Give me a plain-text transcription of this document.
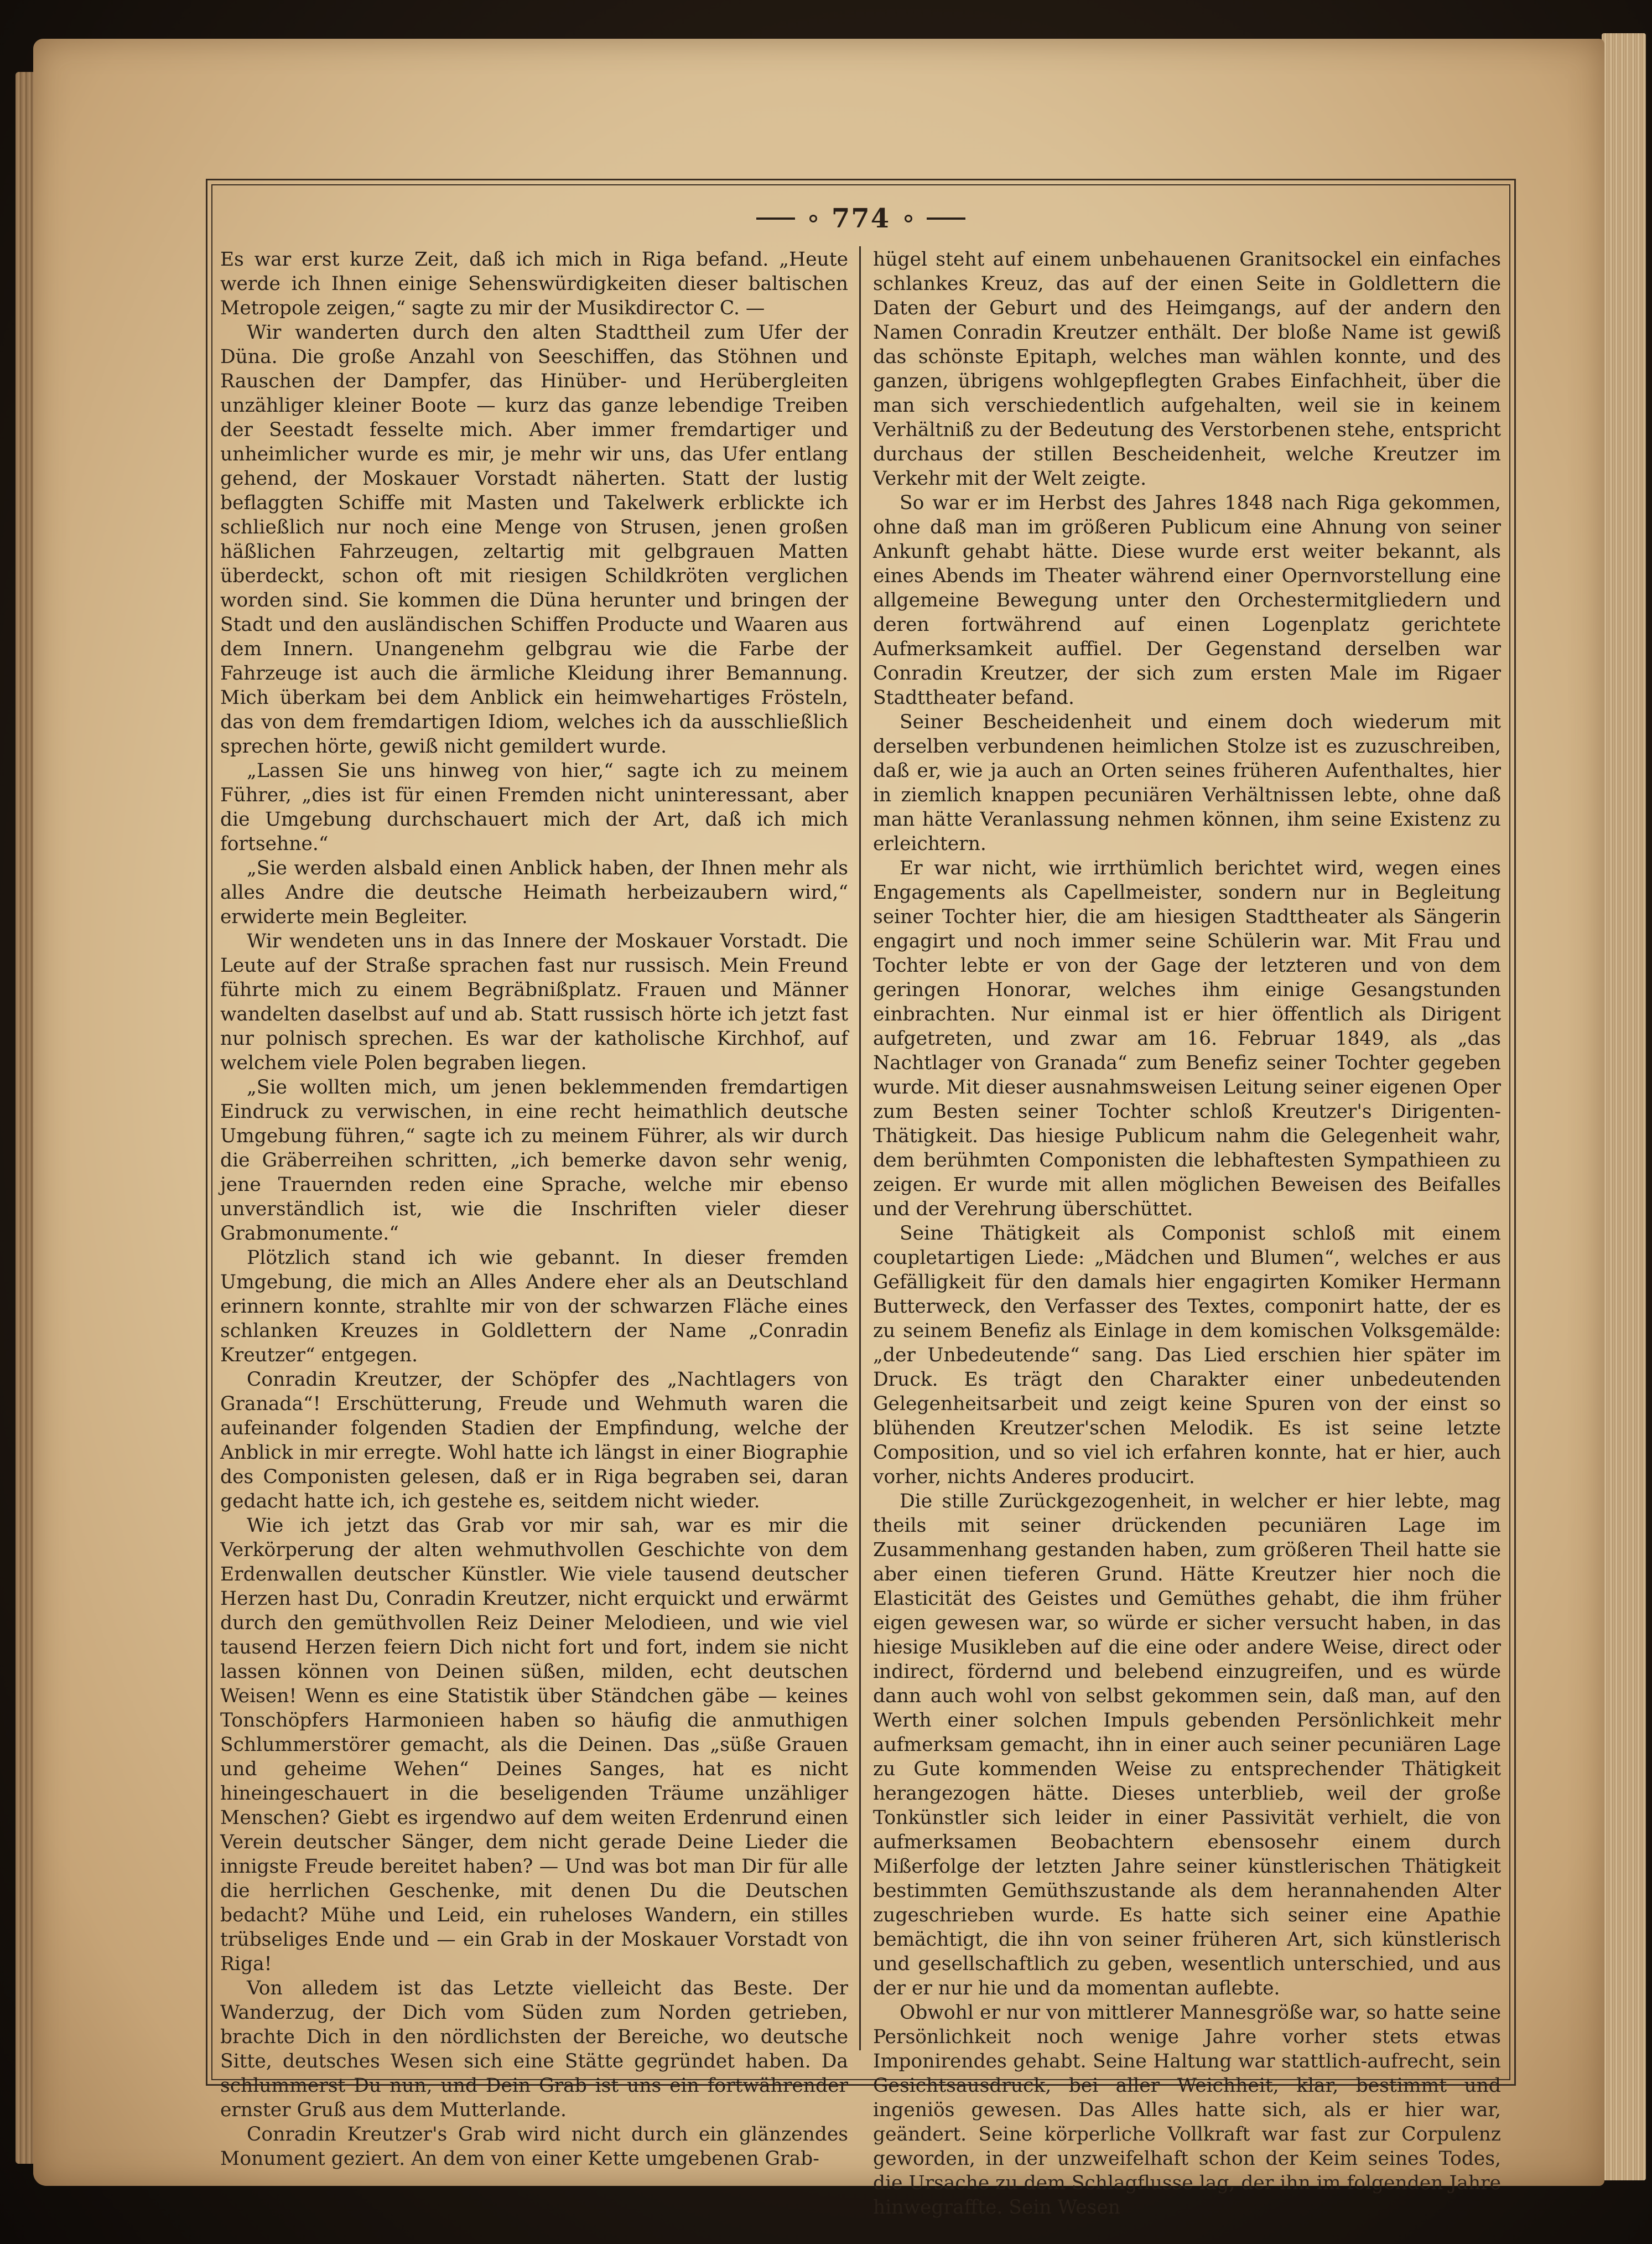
774

Es war erst kurze Zeit, daß ich mich in Riga befand. „Heute werde ich Ihnen einige Sehenswürdigkeiten dieser baltischen Metropole zeigen,“ sagte zu mir der Musikdirector C. —

Wir wanderten durch den alten Stadttheil zum Ufer der Düna. Die große Anzahl von Seeschiffen, das Stöhnen und Rauschen der Dampfer, das Hinüber- und Herübergleiten unzähliger kleiner Boote — kurz das ganze lebendige Treiben der Seestadt fesselte mich. Aber immer fremdartiger und unheimlicher wurde es mir, je mehr wir uns, das Ufer entlang gehend, der Moskauer Vorstadt näherten. Statt der lustig beflaggten Schiffe mit Masten und Takelwerk erblickte ich schließlich nur noch eine Menge von Strusen, jenen großen häßlichen Fahrzeugen, zeltartig mit gelbgrauen Matten überdeckt, schon oft mit riesigen Schildkröten verglichen worden sind. Sie kommen die Düna herunter und bringen der Stadt und den ausländischen Schiffen Producte und Waaren aus dem Innern. Unangenehm gelbgrau wie die Farbe der Fahrzeuge ist auch die ärmliche Kleidung ihrer Bemannung. Mich überkam bei dem Anblick ein heimwehartiges Frösteln, das von dem fremdartigen Idiom, welches ich da ausschließlich sprechen hörte, gewiß nicht gemildert wurde.

„Lassen Sie uns hinweg von hier,“ sagte ich zu meinem Führer, „dies ist für einen Fremden nicht uninteressant, aber die Umgebung durchschauert mich der Art, daß ich mich fortsehne.“

„Sie werden alsbald einen Anblick haben, der Ihnen mehr als alles Andre die deutsche Heimath herbeizaubern wird,“ erwiderte mein Begleiter.

Wir wendeten uns in das Innere der Moskauer Vorstadt. Die Leute auf der Straße sprachen fast nur russisch. Mein Freund führte mich zu einem Begräbnißplatz. Frauen und Männer wandelten daselbst auf und ab. Statt russisch hörte ich jetzt fast nur polnisch sprechen. Es war der katholische Kirchhof, auf welchem viele Polen begraben liegen.

„Sie wollten mich, um jenen beklemmenden fremdartigen Eindruck zu verwischen, in eine recht heimathlich deutsche Umgebung führen,“ sagte ich zu meinem Führer, als wir durch die Gräberreihen schritten, „ich bemerke davon sehr wenig, jene Trauernden reden eine Sprache, welche mir ebenso unverständlich ist, wie die Inschriften vieler dieser Grabmonumente.“

Plötzlich stand ich wie gebannt. In dieser fremden Umgebung, die mich an Alles Andere eher als an Deutschland erinnern konnte, strahlte mir von der schwarzen Fläche eines schlanken Kreuzes in Goldlettern der Name „Conradin Kreutzer“ entgegen.

Conradin Kreutzer, der Schöpfer des „Nachtlagers von Granada“! Erschütterung, Freude und Wehmuth waren die aufeinander folgenden Stadien der Empfindung, welche der Anblick in mir erregte. Wohl hatte ich längst in einer Biographie des Componisten gelesen, daß er in Riga begraben sei, daran gedacht hatte ich, ich gestehe es, seitdem nicht wieder.

Wie ich jetzt das Grab vor mir sah, war es mir die Verkörperung der alten wehmuthvollen Geschichte von dem Erdenwallen deutscher Künstler. Wie viele tausend deutscher Herzen hast Du, Conradin Kreutzer, nicht erquickt und erwärmt durch den gemüthvollen Reiz Deiner Melodieen, und wie viel tausend Herzen feiern Dich nicht fort und fort, indem sie nicht lassen können von Deinen süßen, milden, echt deutschen Weisen! Wenn es eine Statistik über Ständchen gäbe — keines Tonschöpfers Harmonieen haben so häufig die anmuthigen Schlummerstörer gemacht, als die Deinen. Das „süße Grauen und geheime Wehen“ Deines Sanges, hat es nicht hineingeschauert in die beseligenden Träume unzähliger Menschen? Giebt es irgendwo auf dem weiten Erdenrund einen Verein deutscher Sänger, dem nicht gerade Deine Lieder die innigste Freude bereitet haben? — Und was bot man Dir für alle die herrlichen Geschenke, mit denen Du die Deutschen bedacht? Mühe und Leid, ein ruheloses Wandern, ein stilles trübseliges Ende und — ein Grab in der Moskauer Vorstadt von Riga!

Von alledem ist das Letzte vielleicht das Beste. Der Wanderzug, der Dich vom Süden zum Norden getrieben, brachte Dich in den nördlichsten der Bereiche, wo deutsche Sitte, deutsches Wesen sich eine Stätte gegründet haben. Da schlummerst Du nun, und Dein Grab ist uns ein fortwährender ernster Gruß aus dem Mutterlande.

Conradin Kreutzer's Grab wird nicht durch ein glänzendes Monument geziert. An dem von einer Kette umgebenen Grab-

hügel steht auf einem unbehauenen Granitsockel ein einfaches schlankes Kreuz, das auf der einen Seite in Goldlettern die Daten der Geburt und des Heimgangs, auf der andern den Namen Conradin Kreutzer enthält. Der bloße Name ist gewiß das schönste Epitaph, welches man wählen konnte, und des ganzen, übrigens wohlgepflegten Grabes Einfachheit, über die man sich verschiedentlich aufgehalten, weil sie in keinem Verhältniß zu der Bedeutung des Verstorbenen stehe, entspricht durchaus der stillen Bescheidenheit, welche Kreutzer im Verkehr mit der Welt zeigte.

So war er im Herbst des Jahres 1848 nach Riga gekommen, ohne daß man im größeren Publicum eine Ahnung von seiner Ankunft gehabt hätte. Diese wurde erst weiter bekannt, als eines Abends im Theater während einer Opernvorstellung eine allgemeine Bewegung unter den Orchestermitgliedern und deren fortwährend auf einen Logenplatz gerichtete Aufmerksamkeit auffiel. Der Gegenstand derselben war Conradin Kreutzer, der sich zum ersten Male im Rigaer Stadttheater befand.

Seiner Bescheidenheit und einem doch wiederum mit derselben verbundenen heimlichen Stolze ist es zuzuschreiben, daß er, wie ja auch an Orten seines früheren Aufenthaltes, hier in ziemlich knappen pecuniären Verhältnissen lebte, ohne daß man hätte Veranlassung nehmen können, ihm seine Existenz zu erleichtern.

Er war nicht, wie irrthümlich berichtet wird, wegen eines Engagements als Capellmeister, sondern nur in Begleitung seiner Tochter hier, die am hiesigen Stadttheater als Sängerin engagirt und noch immer seine Schülerin war. Mit Frau und Tochter lebte er von der Gage der letzteren und von dem geringen Honorar, welches ihm einige Gesangstunden einbrachten. Nur einmal ist er hier öffentlich als Dirigent aufgetreten, und zwar am 16. Februar 1849, als „das Nachtlager von Granada“ zum Benefiz seiner Tochter gegeben wurde. Mit dieser ausnahmsweisen Leitung seiner eigenen Oper zum Besten seiner Tochter schloß Kreutzer's Dirigenten-Thätigkeit. Das hiesige Publicum nahm die Gelegenheit wahr, dem berühmten Componisten die lebhaftesten Sympathieen zu zeigen. Er wurde mit allen möglichen Beweisen des Beifalles und der Verehrung überschüttet.

Seine Thätigkeit als Componist schloß mit einem coupletartigen Liede: „Mädchen und Blumen“, welches er aus Gefälligkeit für den damals hier engagirten Komiker Hermann Butterweck, den Verfasser des Textes, componirt hatte, der es zu seinem Benefiz als Einlage in dem komischen Volksgemälde: „der Unbedeutende“ sang. Das Lied erschien hier später im Druck. Es trägt den Charakter einer unbedeutenden Gelegenheitsarbeit und zeigt keine Spuren von der einst so blühenden Kreutzer'schen Melodik. Es ist seine letzte Composition, und so viel ich erfahren konnte, hat er hier, auch vorher, nichts Anderes producirt.

Die stille Zurückgezogenheit, in welcher er hier lebte, mag theils mit seiner drückenden pecuniären Lage im Zusammenhang gestanden haben, zum größeren Theil hatte sie aber einen tieferen Grund. Hätte Kreutzer hier noch die Elasticität des Geistes und Gemüthes gehabt, die ihm früher eigen gewesen war, so würde er sicher versucht haben, in das hiesige Musikleben auf die eine oder andere Weise, direct oder indirect, fördernd und belebend einzugreifen, und es würde dann auch wohl von selbst gekommen sein, daß man, auf den Werth einer solchen Impuls gebenden Persönlichkeit mehr aufmerksam gemacht, ihn in einer auch seiner pecuniären Lage zu Gute kommenden Weise zu entsprechender Thätigkeit herangezogen hätte. Dieses unterblieb, weil der große Tonkünstler sich leider in einer Passivität verhielt, die von aufmerksamen Beobachtern ebensosehr einem durch Mißerfolge der letzten Jahre seiner künstlerischen Thätigkeit bestimmten Gemüthszustande als dem herannahenden Alter zugeschrieben wurde. Es hatte sich seiner eine Apathie bemächtigt, die ihn von seiner früheren Art, sich künstlerisch und gesellschaftlich zu geben, wesentlich unterschied, und aus der er nur hie und da momentan auflebte.

Obwohl er nur von mittlerer Mannesgröße war, so hatte seine Persönlichkeit noch wenige Jahre vorher stets etwas Imponirendes gehabt. Seine Haltung war stattlich-aufrecht, sein Gesichtsausdruck, bei aller Weichheit, klar, bestimmt und ingeniös gewesen. Das Alles hatte sich, als er hier war, geändert. Seine körperliche Vollkraft war fast zur Corpulenz geworden, in der unzweifelhaft schon der Keim seines Todes, die Ursache zu dem Schlagflusse lag, der ihn im folgenden Jahre hinwegraffte. Sein Wesen
